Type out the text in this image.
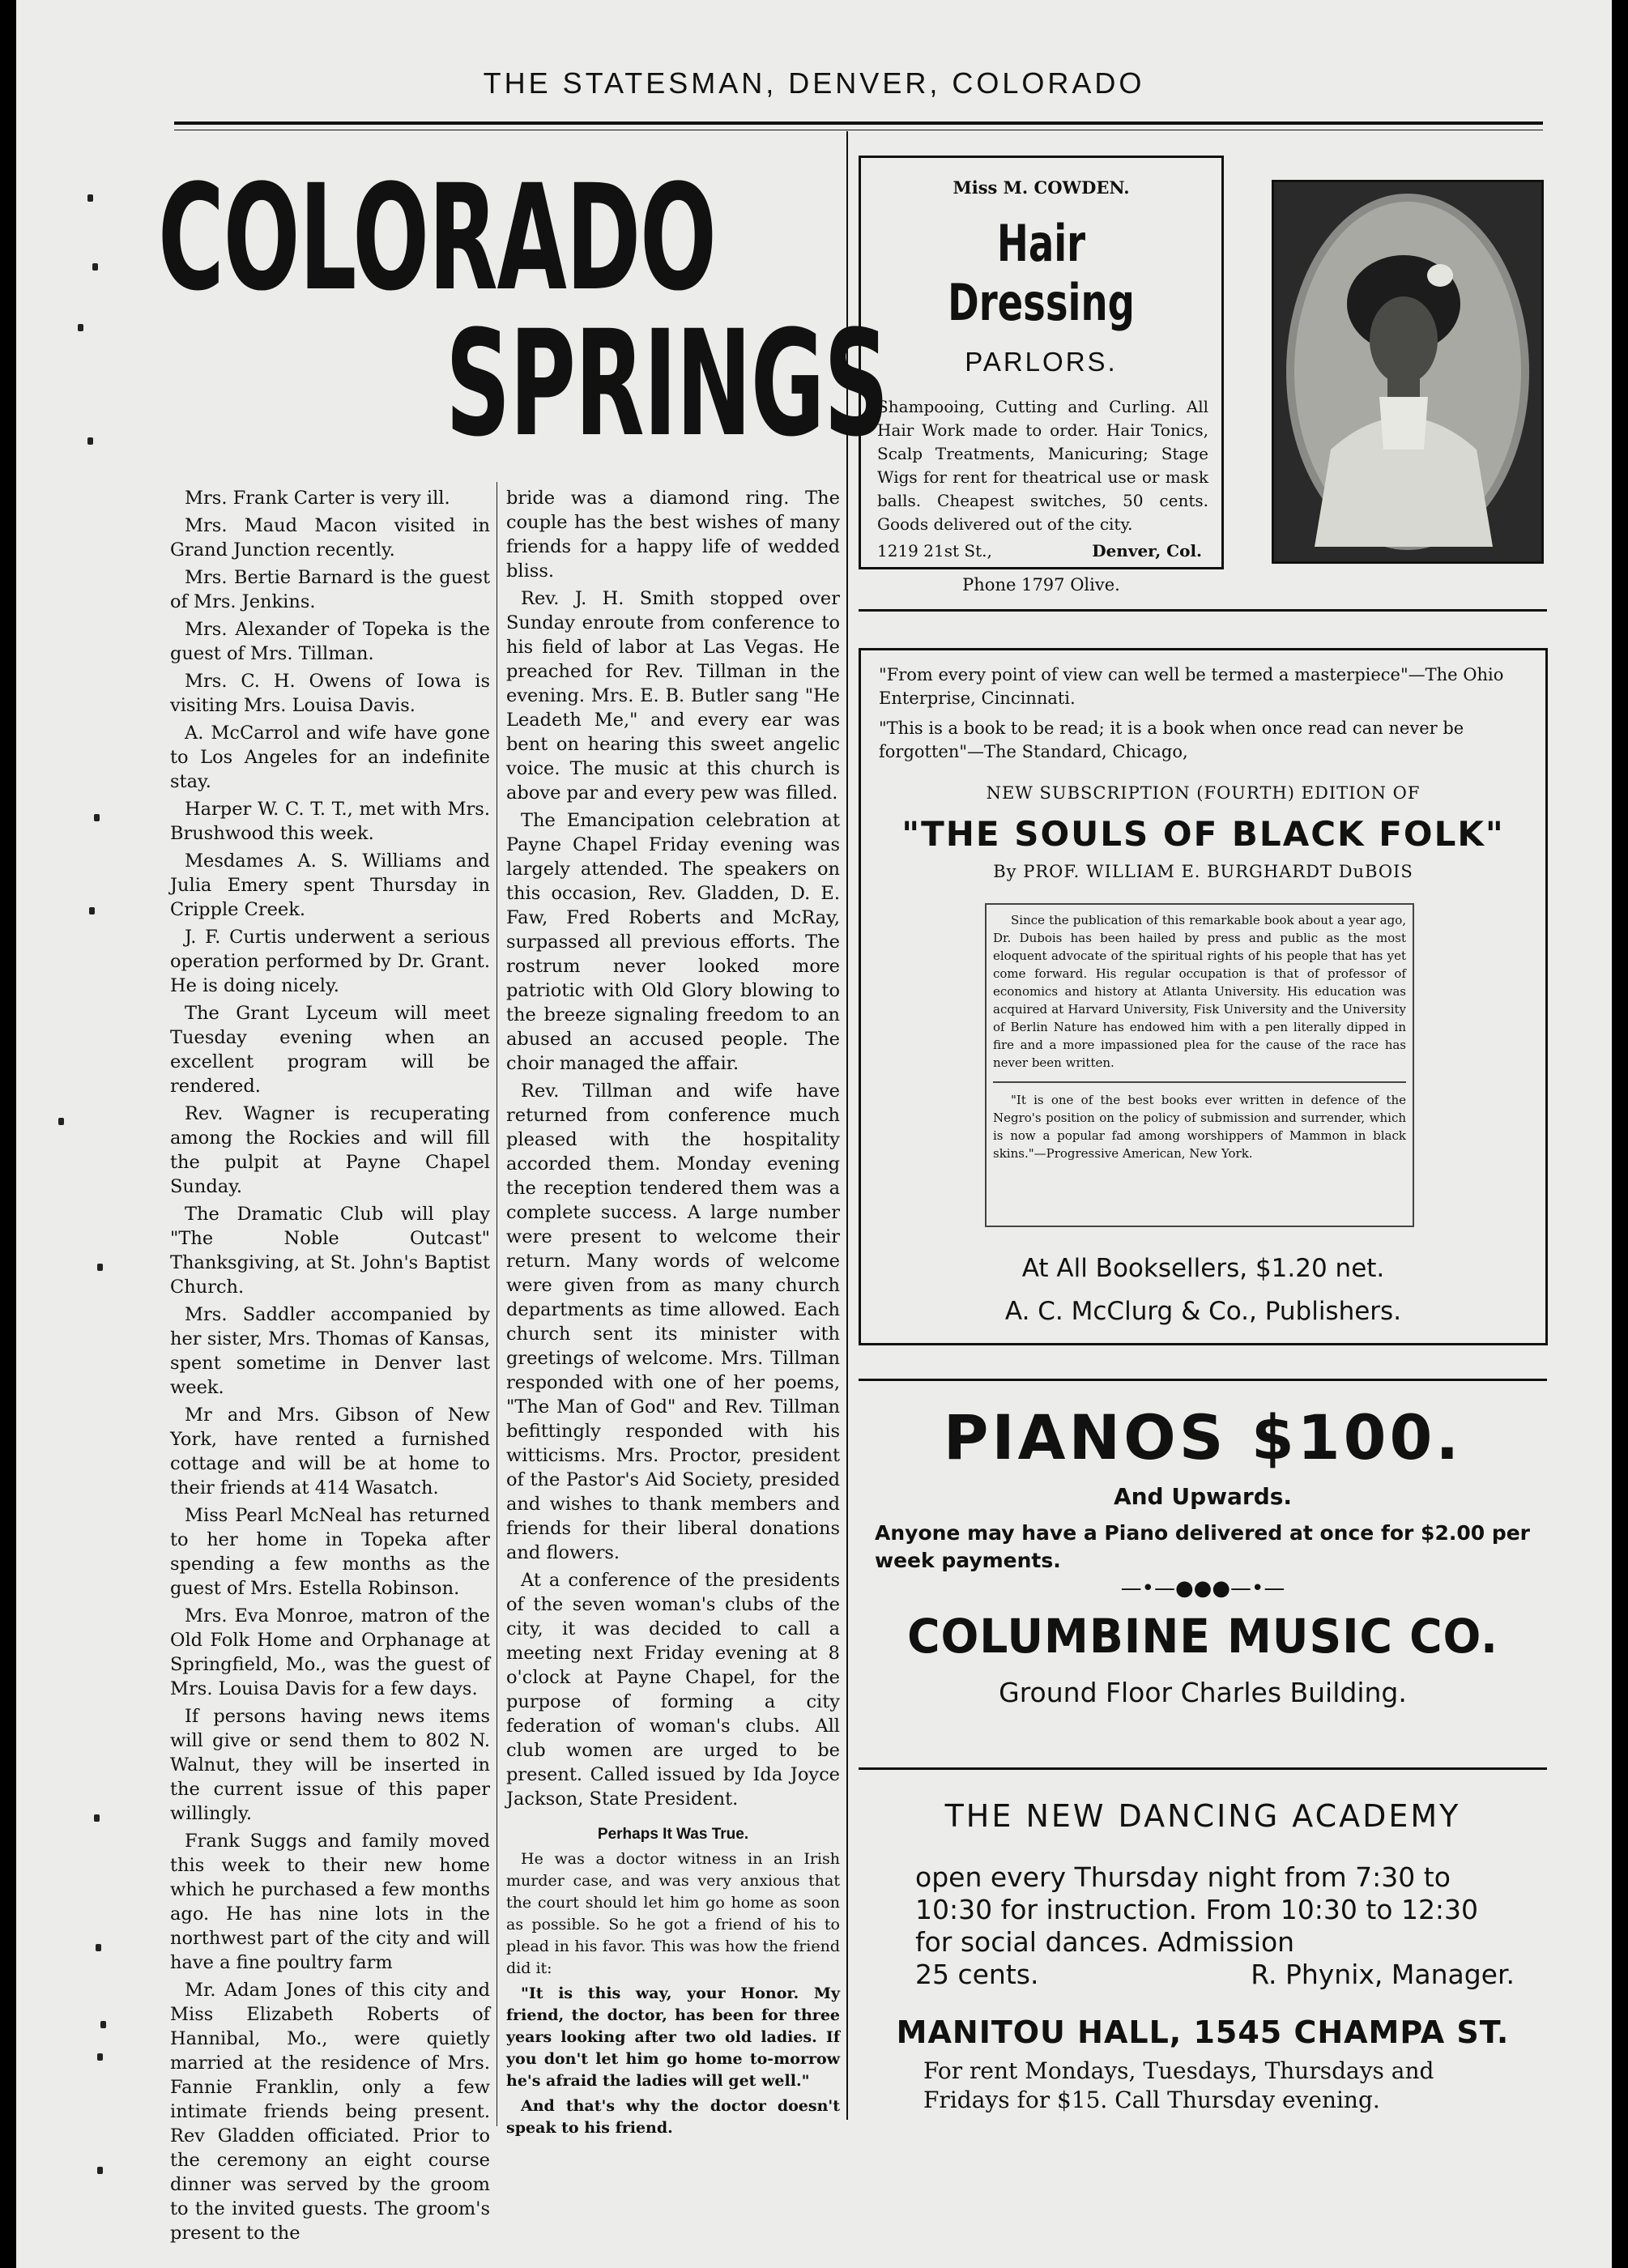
THE STATESMAN, DENVER, COLORADO
COLORADO
SPRINGS

Mrs. Frank Carter is very ill.

Mrs. Maud Macon visited in Grand Junction recently.

Mrs. Bertie Barnard is the guest of Mrs. Jenkins.

Mrs. Alexander of Topeka is the guest of Mrs. Tillman.

Mrs. C. H. Owens of Iowa is visiting Mrs. Louisa Davis.

A. McCarrol and wife have gone to Los Angeles for an indefinite stay.

Harper W. C. T. T., met with Mrs. Brushwood this week.

Mesdames A. S. Williams and Julia Emery spent Thursday in Cripple Creek.

J. F. Curtis underwent a serious operation performed by Dr. Grant. He is doing nicely.

The Grant Lyceum will meet Tuesday evening when an excellent program will be rendered.

Rev. Wagner is recuperating among the Rockies and will fill the pulpit at Payne Chapel Sunday.

The Dramatic Club will play "The Noble Outcast" Thanksgiving, at St. John's Baptist Church.

Mrs. Saddler accompanied by her sister, Mrs. Thomas of Kansas, spent sometime in Denver last week.

Mr and Mrs. Gibson of New York, have rented a furnished cottage and will be at home to their friends at 414 Wasatch.

Miss Pearl McNeal has returned to her home in Topeka after spending a few months as the guest of Mrs. Estella Robinson.

Mrs. Eva Monroe, matron of the Old Folk Home and Orphanage at Springfield, Mo., was the guest of Mrs. Louisa Davis for a few days.

If persons having news items will give or send them to 802 N. Walnut, they will be inserted in the current issue of this paper willingly.

Frank Suggs and family moved this week to their new home which he purchased a few months ago. He has nine lots in the northwest part of the city and will have a fine poultry farm

Mr. Adam Jones of this city and Miss Elizabeth Roberts of Hannibal, Mo., were quietly married at the residence of Mrs. Fannie Franklin, only a few intimate friends being present. Rev Gladden officiated. Prior to the ceremony an eight course dinner was served by the groom to the invited guests. The groom's present to the

bride was a diamond ring. The couple has the best wishes of many friends for a happy life of wedded bliss.

Rev. J. H. Smith stopped over Sunday enroute from conference to his field of labor at Las Vegas. He preached for Rev. Tillman in the evening. Mrs. E. B. Butler sang "He Leadeth Me," and every ear was bent on hearing this sweet angelic voice. The music at this church is above par and every pew was filled.

The Emancipation celebration at Payne Chapel Friday evening was largely attended. The speakers on this occasion, Rev. Gladden, D. E. Faw, Fred Roberts and McRay, surpassed all previous efforts. The rostrum never looked more patriotic with Old Glory blowing to the breeze signaling freedom to an abused an accused people. The choir managed the affair.

Rev. Tillman and wife have returned from conference much pleased with the hospitality accorded them. Monday evening the reception tendered them was a complete success. A large number were present to welcome their return. Many words of welcome were given from as many church departments as time allowed. Each church sent its minister with greetings of welcome. Mrs. Tillman responded with one of her poems, "The Man of God" and Rev. Tillman befittingly responded with his witticisms. Mrs. Proctor, president of the Pastor's Aid Society, presided and wishes to thank members and friends for their liberal donations and flowers.

At a conference of the presidents of the seven woman's clubs of the city, it was decided to call a meeting next Friday evening at 8 o'clock at Payne Chapel, for the purpose of forming a city federation of woman's clubs. All club women are urged to be present. Called issued by Ida Joyce Jackson, State President.

Perhaps It Was True.

He was a doctor witness in an Irish murder case, and was very anxious that the court should let him go home as soon as possible. So he got a friend of his to plead in his favor. This was how the friend did it:

"It is this way, your Honor. My friend, the doctor, has been for three years looking after two old ladies. If you don't let him go home to-morrow he's afraid the ladies will get well."

And that's why the doctor doesn't speak to his friend.

Miss M. COWDEN.
Hair Dressing
PARLORS.
Shampooing, Cutting and Curling. All Hair Work made to order. Hair Tonics, Scalp Treatments, Manicuring; Stage Wigs for rent for theatrical use or mask balls. Cheapest switches, 50 cents. Goods delivered out of the city.
1219 21st St.,	Denver, Col.
Phone 1797 Olive.
"From every point of view can well be termed a masterpiece"—The Ohio Enterprise, Cincinnati.
"This is a book to be read; it is a book when once read can never be forgotten"—The Standard, Chicago,
NEW SUBSCRIPTION (FOURTH) EDITION OF
"THE SOULS OF BLACK FOLK"
By PROF. WILLIAM E. BURGHARDT DuBOIS

Since the publication of this remarkable book about a year ago, Dr. Dubois has been hailed by press and public as the most eloquent advocate of the spiritual rights of his people that has yet come forward. His regular occupation is that of professor of economics and history at Atlanta University. His education was acquired at Harvard University, Fisk University and the University of Berlin Nature has endowed him with a pen literally dipped in fire and a more impassioned plea for the cause of the race has never been written.

"It is one of the best books ever written in defence of the Negro's position on the policy of submission and surrender, which is now a popular fad among worshippers of Mammon in black skins."—Progressive American, New York.

At All Booksellers, $1.20 net.
A. C. McClurg & Co., Publishers.
PIANOS $100.
And Upwards.
Anyone may have a Piano delivered at once for $2.00 per week payments.
—•—●●●—•—
COLUMBINE MUSIC CO.
Ground Floor Charles Building.
THE NEW DANCING ACADEMY
open every Thursday night from 7:30 to 10:30 for instruction. From 10:30 to 12:30 for social dances. Admission
25 cents.	R. Phynix, Manager.
MANITOU HALL, 1545 CHAMPA ST.
For rent Mondays, Tuesdays, Thursdays and Fridays for $15. Call Thursday evening.
